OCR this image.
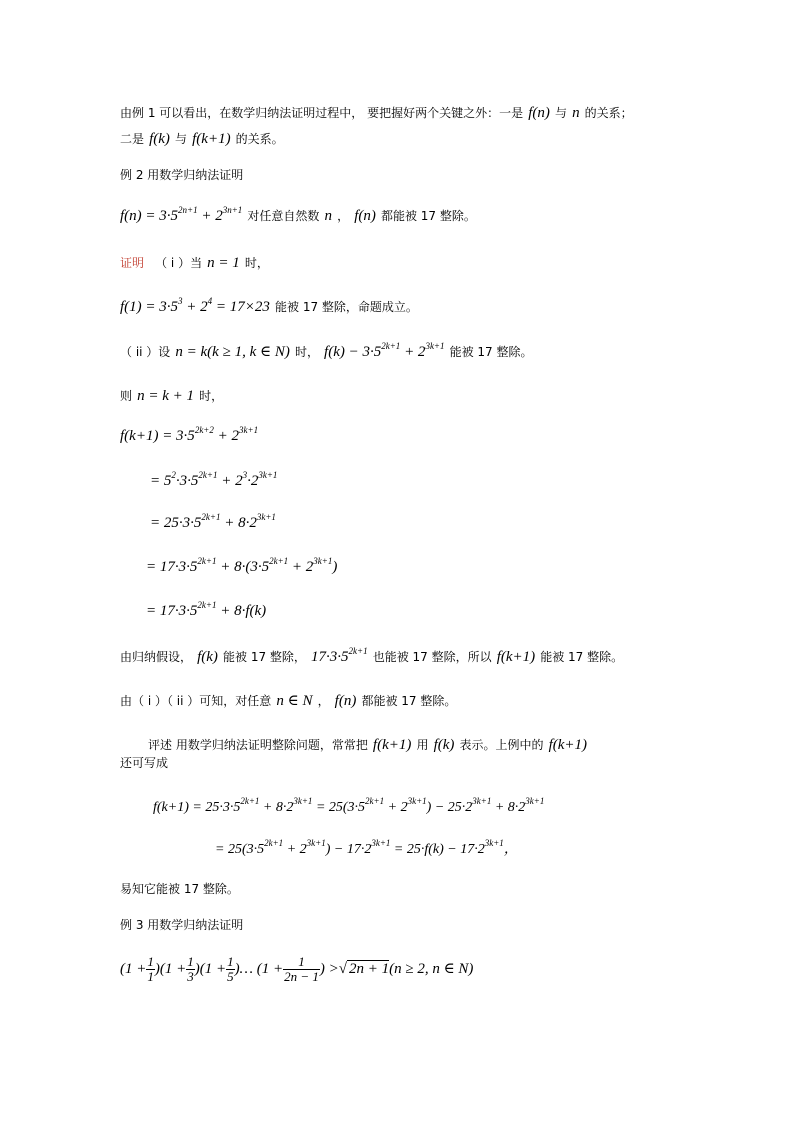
由例 1 可以看出，在数学归纳法证明过程中， 要把握好两个关键之外：一是 f(n) 与 n 的关系；
二是 f(k) 与 f(k+1) 的关系。
例 2 用数学归纳法证明
$f(n) = 3\cdot 5^{2n+1} + 2^{3n+1}$ 对任意自然数 n ， f(n) 都能被 17 整除。
证明 （ i ）当 n = 1 时，
$f(1) = 3\cdot 5^3 + 2^4 = 17\times 23$ 能被 17 整除，命题成立。
（ ii ）设 n = k(k ≥ 1, k ∈ N) 时， $f(k) - 3\cdot 5^{2k+1} + 2^{3k+1}$ 能被 17 整除。
则 n = k + 1 时，
$f(k+1) = 3\cdot 5^{2k+2} + 2^{3k+1}$
= $5^2\cdot 3\cdot 5^{2k+1} + 2^3\cdot 2^{3k+1}$
= $25\cdot 3\cdot 5^{2k+1} + 8\cdot 2^{3k+1}$
= $17\cdot 3\cdot 5^{2k+1} + 8\cdot(3\cdot 5^{2k+1} + 2^{3k+1})$
= $17\cdot 3\cdot 5^{2k+1} + 8\cdot f(k)$
由归纳假设， f(k) 能被 17 整除， $17\cdot 3\cdot 5^{2k+1}$ 也能被 17 整除，所以 f(k+1) 能被 17 整除。
由（ i ）（ ii ）可知，对任意 n ∈ N ， f(n) 都能被 17 整除。
评述 用数学归纳法证明整除问题，常常把 f(k+1) 用 f(k) 表示。上例中的 f(k+1)
还可写成
$f(k+1) = 25\cdot 3\cdot 5^{2k+1} + 8\cdot 2^{3k+1} = 25(3\cdot 5^{2k+1} + 2^{3k+1}) - 25\cdot 2^{3k+1} + 8\cdot 2^{3k+1}$
= $25(3\cdot 5^{2k+1} + 2^{3k+1}) - 17\cdot 2^{3k+1} = 25\cdot f(k) - 17\cdot 2^{3k+1}$，
易知它能被 17 整除。
例 3 用数学归纳法证明
$(1 + \frac{1}{1} )(1 + \frac{1}{3} )(1 + \frac{1}{5}$ )… ($1 + \frac{1}{2n - 1}$ ) >√ 2n + 1(n ≥ 2, n ∈ N)
